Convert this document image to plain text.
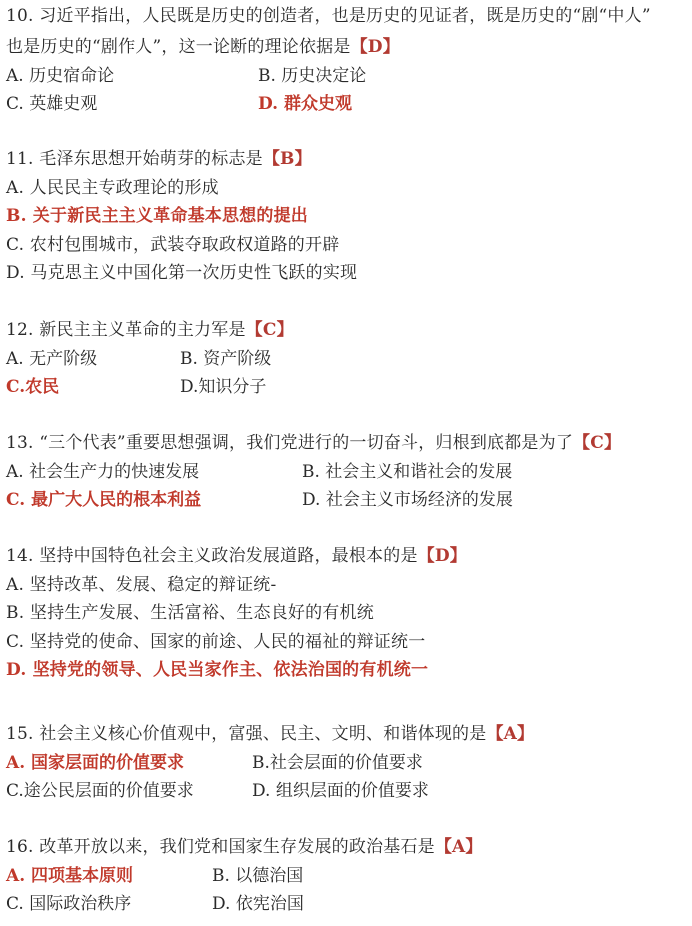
10. 习近平指出，人民既是历史的创造者，也是历史的见证者，既是历史的“剧“中人”
也是历史的“剧作人”，这一论断的理论依据是【D】
A. 历史宿命论	B. 历史决定论
C. 英雄史观	D. 群众史观
11. 毛泽东思想开始萌芽的标志是【B】
A. 人民民主专政理论的形成
B. 关于新民主主义革命基本思想的提出
C. 农村包围城市，武装夺取政权道路的开辟
D. 马克思主义中国化第一次历史性飞跃的实现
12. 新民主主义革命的主力军是【C】
A. 无产阶级	B. 资产阶级
C.农民	D.知识分子
13. “三个代表”重要思想强调，我们党进行的一切奋斗，归根到底都是为了【C】
A. 社会生产力的快速发展	B. 社会主义和谐社会的发展
C. 最广大人民的根本利益	D. 社会主义市场经济的发展
14. 坚持中国特色社会主义政治发展道路，最根本的是【D】
A. 坚持改革、发展、稳定的辩证统-
B. 坚持生产发展、生活富裕、生态良好的有机统
C. 坚持党的使命、国家的前途、人民的福祉的辩证统一
D. 坚持党的领导、人民当家作主、依法治国的有机统一
15. 社会主义核心价值观中，富强、民主、文明、和谐体现的是【A】
A. 国家层面的价值要求	B.社会层面的价值要求
C.途公民层面的价值要求	D. 组织层面的价值要求
16. 改革开放以来，我们党和国家生存发展的政治基石是【A】
A. 四项基本原则	B. 以德治国
C. 国际政治秩序	D. 依宪治国
